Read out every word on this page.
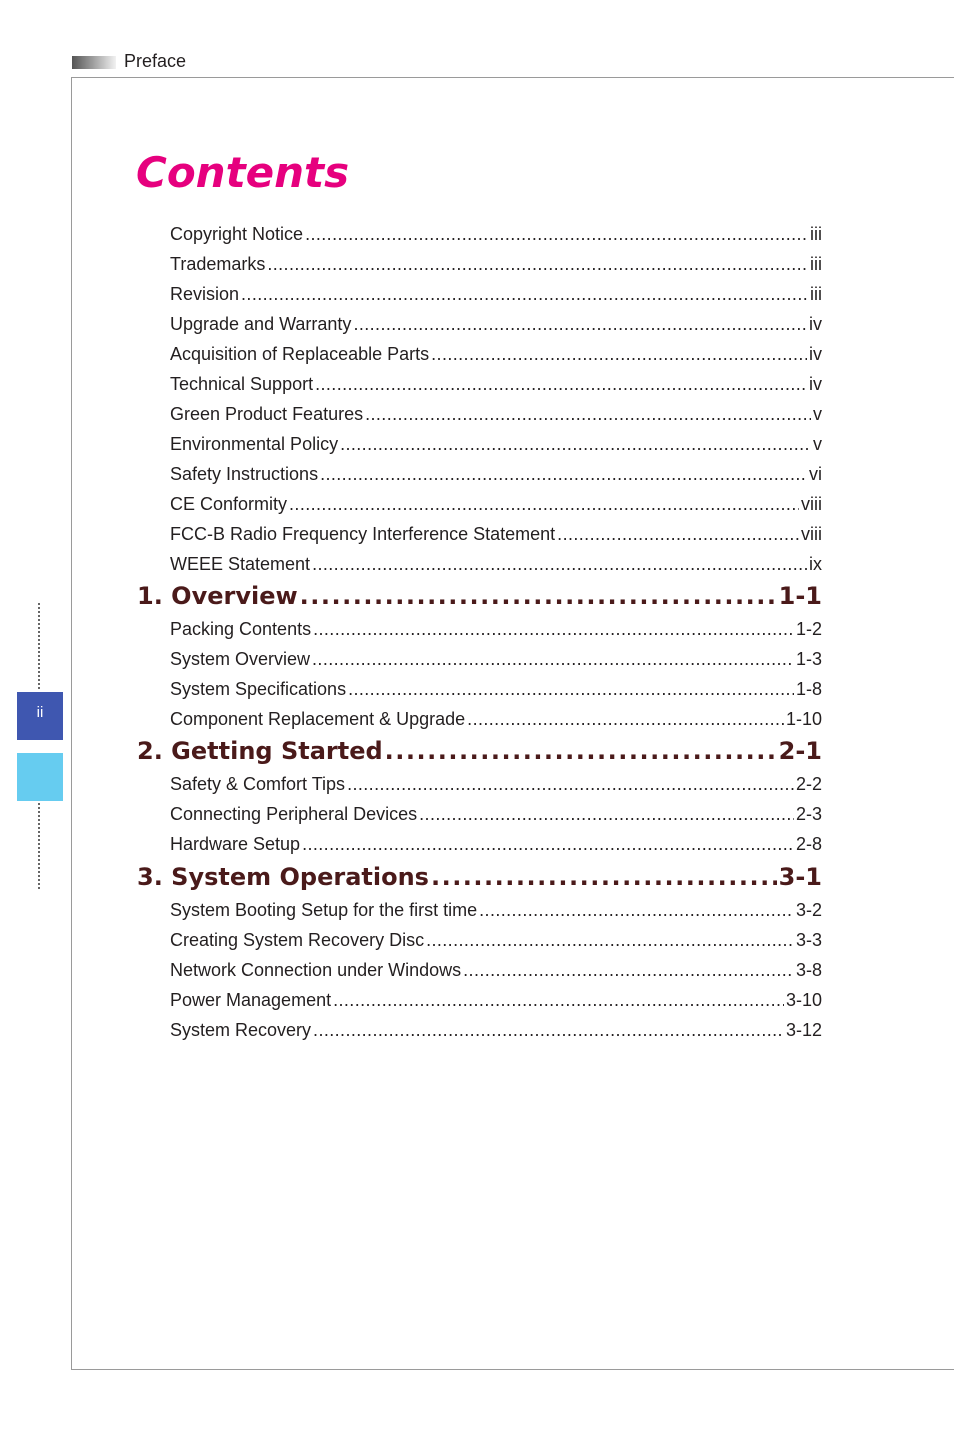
Preface
ii
Contents
Copyright Notice .....	iii
Trademarks .....	iii
Revision .....	iii
Upgrade and Warranty .....	iv
Acquisition of Replaceable Parts .....	iv
Technical Support .....	iv
Green Product Features .....	v
Environmental Policy .....	v
Safety Instructions .....	vi
CE Conformity .....	viii
FCC-B Radio Frequency Interference Statement .....	viii
WEEE Statement .....	ix
1. Overview .....	1-1
Packing Contents .....	1-2
System Overview .....	1-3
System Specifications .....	1-8
Component Replacement & Upgrade .....	1-10
2. Getting Started .....	2-1
Safety & Comfort Tips .....	2-2
Connecting Peripheral Devices .....	2-3
Hardware Setup .....	2-8
3. System Operations .....	3-1
System Booting Setup for the first time .....	3-2
Creating System Recovery Disc .....	3-3
Network Connection under Windows .....	3-8
Power Management .....	3-10
System Recovery .....	3-12
